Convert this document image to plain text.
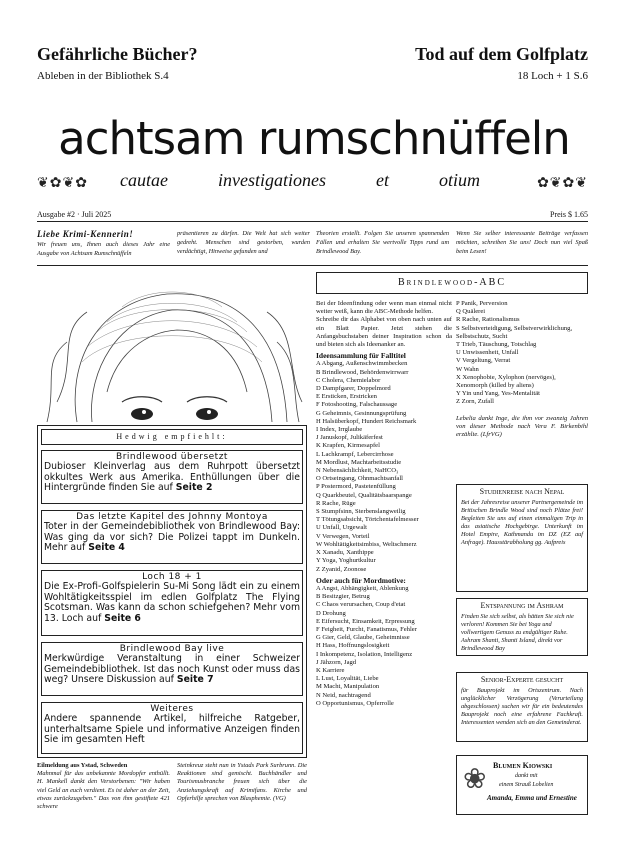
Gefährliche Bücher?
Ableben in der Bibliothek S.4
Tod auf dem Golfplatz
18 Loch + 1 S.6
achtsam rumschnüffeln
❦✿❦✿	✿❦✿❦
cautae	investigationes	et	otium
Ausgabe #2 · Juli 2025	Preis $ 1.65
Liebe Krimi-Kennerin!
Wir freuen uns, Ihnen auch dieses Jahr eine Ausgabe von Achtsam Rumschnüffeln
präsentieren zu dürfen. Die Welt hat sich weiter gedreht. Menschen sind gestorben, wurden verdächtigt, Hinweise gefunden und
Theorien erstellt. Folgen Sie unseren spannenden Fällen und erhalten Sie wertvolle Tipps rund um Brindlewood Bay.
Wenn Sie selber interessante Beiträge verfassen möchten, schreiben Sie uns! Doch nun viel Spaß beim Lesen!
Hedwig empfiehlt:
Brindlewood übersetzt
Dubioser Kleinverlag aus dem Ruhrpott übersetzt okkultes Werk aus Amerika. Enthüllungen über die Hintergründe finden Sie auf Seite 2
Das letzte Kapitel des Johnny Montoya
Toter in der Gemeindebibliothek von Brindlewood Bay: Was ging da vor sich? Die Polizei tappt im Dunkeln. Mehr auf Seite 4
Loch 18 + 1
Die Ex-Profi-Golfspielerin Su-Mi Song lädt ein zu einem Wohltätigkeitsspiel im edlen Golfplatz The Flying Scotsman. Was kann da schon schiefgehen? Mehr vom 13. Loch auf Seite 6
Brindlewood Bay live
Merkwürdige Veranstaltung in einer Schweizer Gemeindebibliothek. Ist das noch Kunst oder muss das weg? Unsere Diskussion auf Seite 7
Weiteres
Andere spannende Artikel, hilfreiche Ratgeber, unterhaltsame Spiele und informative Anzeigen finden Sie im gesamten Heft
Eilmeldung aus Ystad, Schweden
Mahnmal für das unbekannte Mordopfer enthüllt. H. Mankell dankt den Verstorbenen: "Wir haben viel Geld an euch verdient. Es ist daher an der Zeit, etwas zurückzugeben." Das von ihm gestiftete 421 schwere
Steinkreuz steht nun in Ystads Park Surbrunn. Die Reaktionen sind gemischt. Buchhändler und Tourismusbranche freuen sich über die Anziehungskraft auf Krimifans. Kirche und Opferhilfe sprechen von Blasphemie. (VG)
Brindlewood-ABC
Bei der Ideenfindung oder wenn man einmal nicht weiter weiß, kann die ABC-Methode helfen.
Schreibe dir das Alphabet von oben nach unten auf ein Blatt Papier. Jetzt stehen die Anfangsbuchstaben deiner Inspiration schon da und bieten sich als Ideenanker an.
Ideensammlung für Falltitel
A Abgang, Außenschwimmbecken
B Brindlewood, Behördenwirrwarr
C Cholera, Chemielabor
D Dampfgarer, Doppelmord
E Ersticken, Erstricken
F Fotoshooting, Falschaussage
G Geheimnis, Gesinnungsprüfung
H Halsüberkopf, Hundert Reichsmark
I Index, Irrglaube
J Januskopf, Julikäferfest
K Krapfen, Kirmesapfel
L Lachkrampf, Lebercirrhose
M Mordlust, Machtarbeitsstudie
N Nebensächlichkeit, NaHCO₃
O Ortseingang, Ohnmachtsanfall
P Postermord, Pastetenfüllung
Q Quarkbeutel, Qualitätsbaarspange
R Rache, Rüge
S Stumpfsinn, Sterbenslangweilig
T Tötungsabsicht, Törtchentafelmesser
U Unfall, Urgewalt
V Verwegen, Vorteil
W Wohltätigkeitsimbiss, Weltschmerz
X Xanadu, Xanthippe
Y Yoga, Yoghurtkultur
Z Zyanid, Zoonose
Oder auch für Mordmotive:
A Angst, Abhängigkeit, Ablenkung
B Besitzgier, Betrug
C Chaos verursachen, Coup d'etat
D Drohung
E Eifersucht, Einsamkeit, Erpressung
F Feigheit, Furcht, Fanatismus, Fehler
G Gier, Geld, Glaube, Geheimnisse
H Hass, Hoffnungslosigkeit
I Inkompetenz, Isolation, Intelligenz
J Jähzorn, Jagd
K Karriere
L Lust, Loyalität, Liebe
M Macht, Manipulation
N Neid, nachtragend
O Opportunismus, Opferrolle
P Panik, Perversion
Q Quälerei
R Rache, Rationalismus
S Selbstverteidigung, Selbstverwirklichung, Selbstschutz, Sucht
T Trieb, Täuschung, Totschlag
U Unwissenheit, Unfall
V Vergeltung, Verrat
W Wahn
X Xenophobie, Xylophon (nervöges), Xenomorph (killed by aliens)
Y Yin und Yang, Yes-Mentalität
Z Zorn, Zufall
Lebelia dankt Inge, die ihm vor zwanzig Jahren von dieser Methode nach Vera F. Birkenbihl erzählte. (LfrVG)
Studienreise nach Nepal
Bei der Jahresreise unserer Partnergemeinde im Britischen Brindle Wood sind noch Plätze frei! Begleiten Sie uns auf einen einmaligen Trip in das asiatische Hochgebirge. Unterkunft im Hotel Empire, Kathmandu im DZ (EZ auf Anfrage). Hausstärabholung gg. Aufpreis
Entspannung im Ashram
Finden Sie sich selbst, als hätten Sie sich nie verloren! Kommen Sie bei Yoga und vollwertigem Genuss zu endgültiger Ruhe. Ashram Shanti, Shanti Island, direkt vor Brindlewood Bay
Senior-Experte gesucht
für Bauprojekt im Ortszentrum. Nach unglücklicher Verzögerung (Verurteilung abgeschlossen) suchen wir für ein bedeutendes Bauprojekt noch eine erfahrene Fachkraft. Interessenten wenden sich an den Gemeinderat.
❀ Blumen Kiowski
dankt mit
einem Strauß Lobelien
Amanda, Emma und Ernestine
